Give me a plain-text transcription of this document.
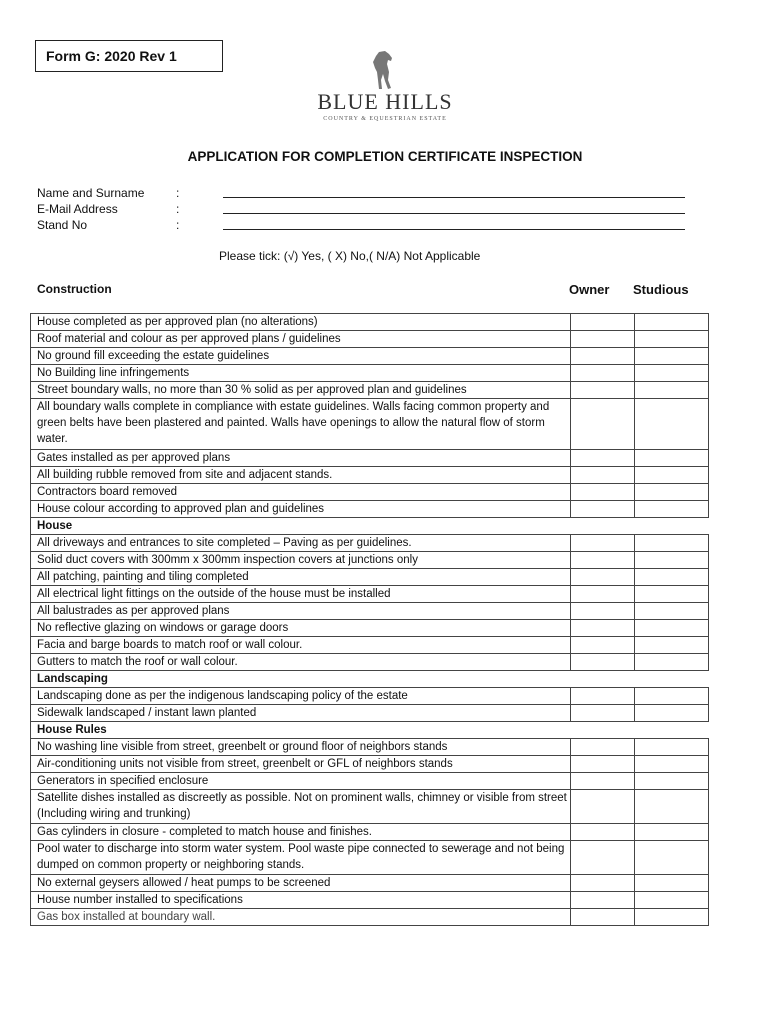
Form G: 2020 Rev 1
BLUE HILLS
COUNTRY & EQUESTRIAN ESTATE
APPLICATION FOR COMPLETION CERTIFICATE INSPECTION
Name and Surname	:
E-Mail Address	:
Stand No	:
Please tick: (√) Yes, ( X) No,( N/A) Not Applicable
Construction	Owner Studious
House completed as per approved plan (no alterations)		
Roof material and colour as per approved plans / guidelines		
No ground fill exceeding the estate guidelines		
No Building line infringements		
Street boundary walls, no more than 30 % solid as per approved plan and guidelines		
All boundary walls complete in compliance with estate guidelines. Walls facing common property and green belts have been plastered and painted. Walls have openings to allow the natural flow of storm water.		
Gates installed as per approved plans		
All building rubble removed from site and adjacent stands.		
Contractors board removed		
House colour according to approved plan and guidelines		
House		
All driveways and entrances to site completed – Paving as per guidelines.		
Solid duct covers with 300mm x 300mm inspection covers at junctions only		
All patching, painting and tiling completed		
All electrical light fittings on the outside of the house must be installed		
All balustrades as per approved plans		
No reflective glazing on windows or garage doors		
Facia and barge boards to match roof or wall colour.		
Gutters to match the roof or wall colour.		
Landscaping		
Landscaping done as per the indigenous landscaping policy of the estate		
Sidewalk landscaped / instant lawn planted		
House Rules		
No washing line visible from street, greenbelt or ground floor of neighbors stands		
Air-conditioning units not visible from street, greenbelt or GFL of neighbors stands		
Generators in specified enclosure		
Satellite dishes installed as discreetly as possible. Not on prominent walls, chimney or visible from street (Including wiring and trunking)		
Gas cylinders in closure - completed to match house and finishes.		
Pool water to discharge into storm water system. Pool waste pipe connected to sewerage and not being dumped on common property or neighboring stands.		
No external geysers allowed / heat pumps to be screened		
House number installed to specifications		
Gas box installed at boundary wall.		
